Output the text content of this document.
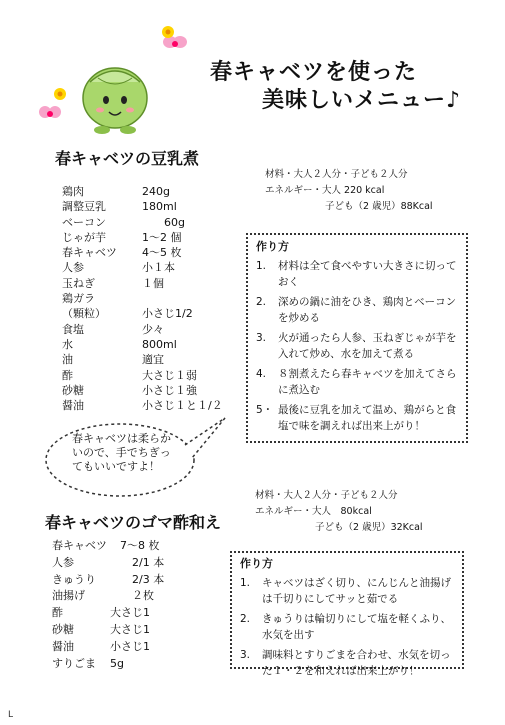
春キャベツを使った
美味しいメニュー♪
春キャベツの豆乳煮
材料・大人２人分・子ども２人分
エネルギー・大人 220 kcal
子ども（2 歳児）88Kcal
鶏肉	240g
調整豆乳	180ml
ベーコン	60g
じゃが芋	1～2 個
春キャベツ	4～5 枚
人参	小１本
玉ねぎ	１個
鶏ガラ
（顆粒）	小さじ1/2
食塩	少々
水	800ml
油	適宜
酢	大さじ１弱
砂糖	小さじ１強
醤油	小さじ１と１/２
作り方
1.	材料は全て食べやすい大きさに切っておく
2.	深めの鍋に油をひき、鶏肉とベーコンを炒める
3.	火が通ったら人参、玉ねぎじゃが芋を入れて炒め、水を加えて煮る
4.	８割煮えたら春キャベツを加えてさらに煮込む
5・ 最後に豆乳を加えて温め、鶏がらと食塩で味を調えれば出来上がり！
春キャベツは柔らかいので、手でちぎってもいいですよ！
材料・大人２人分・子ども２人分
エネルギー・大人　80kcal
子ども（2 歳児）32Kcal
春キャベツのゴマ酢和え
春キャベツ	7～8 枚
人参	2/1 本
きゅうり	2/3 本
油揚げ	２枚
酢	大さじ1
砂糖	大さじ1
醤油	小さじ1
すりごま	5g
作り方
1.	キャベツはざく切り、にんじんと油揚げは千切りにしてサッと茹でる
2.	きゅうりは輪切りにして塩を軽くふり、水気を出す
3.	調味料とすりごまを合わせ、水気を切った１・２を和えれば出来上がり！
L
